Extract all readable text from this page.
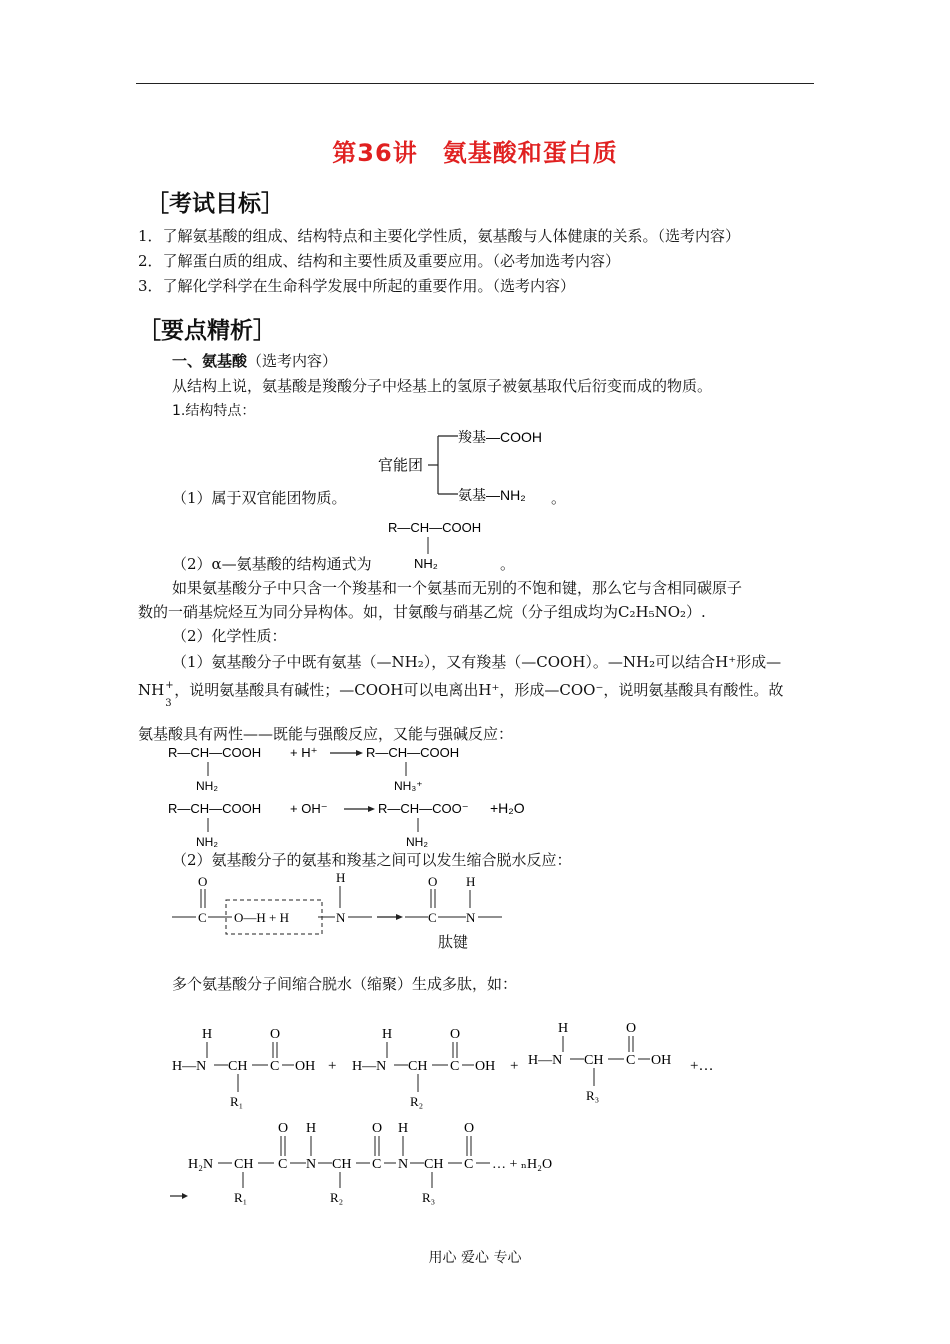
第36讲　氨基酸和蛋白质
［考试目标］
1．了解氨基酸的组成、结构特点和主要化学性质，氨基酸与人体健康的关系。（选考内容）
2．了解蛋白质的组成、结构和主要性质及重要应用。（必考加选考内容）
3．了解化学科学在生命科学发展中所起的重要作用。（选考内容）
［要点精析］
一、氨基酸（选考内容）
从结构上说，氨基酸是羧酸分子中烃基上的氢原子被氨基取代后衍变而成的物质。
1.结构特点：
官能团
羧基—COOH
氨基—NH₂
（1）属于双官能团物质。	。
R—CH—COOH
NH₂
（2）α—氨基酸的结构通式为	。
如果氨基酸分子中只含一个羧基和一个氨基而无别的不饱和键，那么它与含相同碳原子
数的一硝基烷烃互为同分异构体。如，甘氨酸与硝基乙烷（分子组成均为C₂H₅NO₂）.
（2）化学性质：
（1）氨基酸分子中既有氨基（—NH₂），又有羧基（—COOH）。—NH₂可以结合H⁺形成—
NH +
3
，说明氨基酸具有碱性；—COOH可以电离出H⁺，形成—COO⁻，说明氨基酸具有酸性。故
氨基酸具有两性——既能与强酸反应，又能与强碱反应：
R—CH—COOH
NH₂
+ H⁺	R—CH—COOH
NH₃⁺
R—CH—COOH
NH₂
+ OH⁻	R—CH—COO⁻
NH₂
+H₂O
（2）氨基酸分子的氨基和羧基之间可以发生缩合脱水反应：
O
C O—H + H
H
N
O
C
H
N
肽键
多个氨基酸分子间缩合脱水（缩聚）生成多肽，如：
H
H—N CH
R₁
O
C OH +
H
H—N CH
R₂
O
C OH +
H
H—N CH
R₃
O
C OH +…
H₂N CH
R₁
O
C
H
N CH
R₂
O
C
H
N CH
R₃
O
C … + ₙH₂O
用心 爱心 专心
